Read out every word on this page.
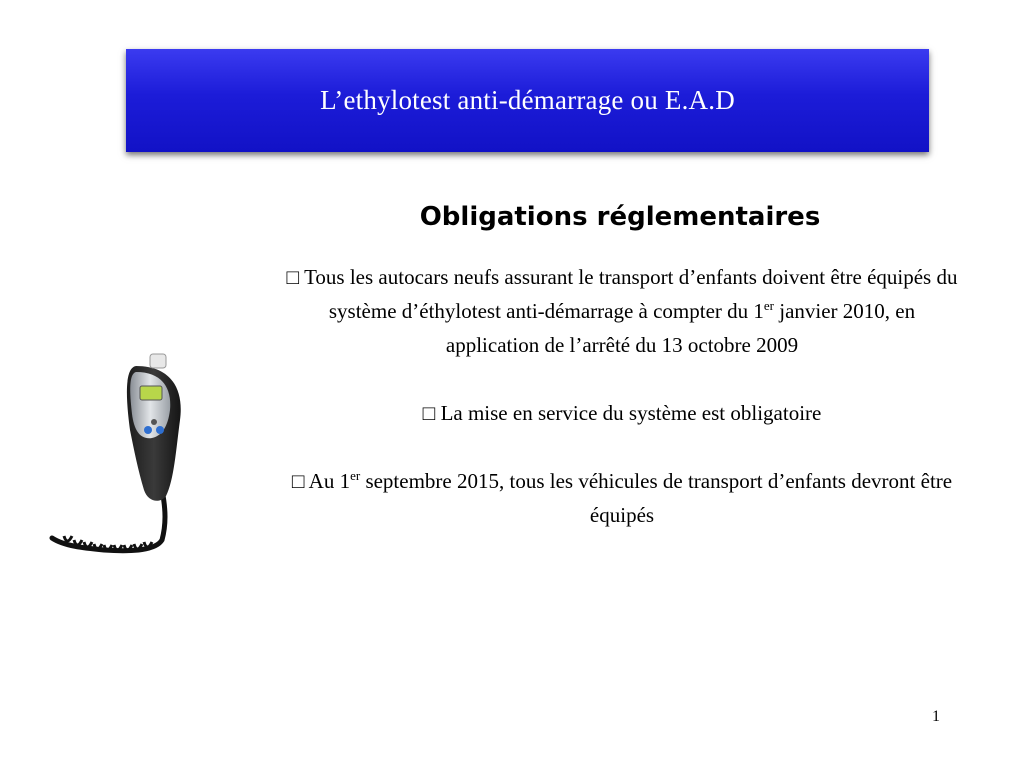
L’ethylotest anti-démarrage ou E.A.D
Obligations réglementaires

□ Tous les autocars neufs assurant le transport d’enfants doivent être équipés du système d’éthylotest anti-démarrage à compter du 1er janvier 2010, en application de l’arrêté du 13 octobre 2009

□ La mise en service du système est obligatoire

□ Au 1er septembre 2015, tous les véhicules de transport d’enfants devront être équipés

1
